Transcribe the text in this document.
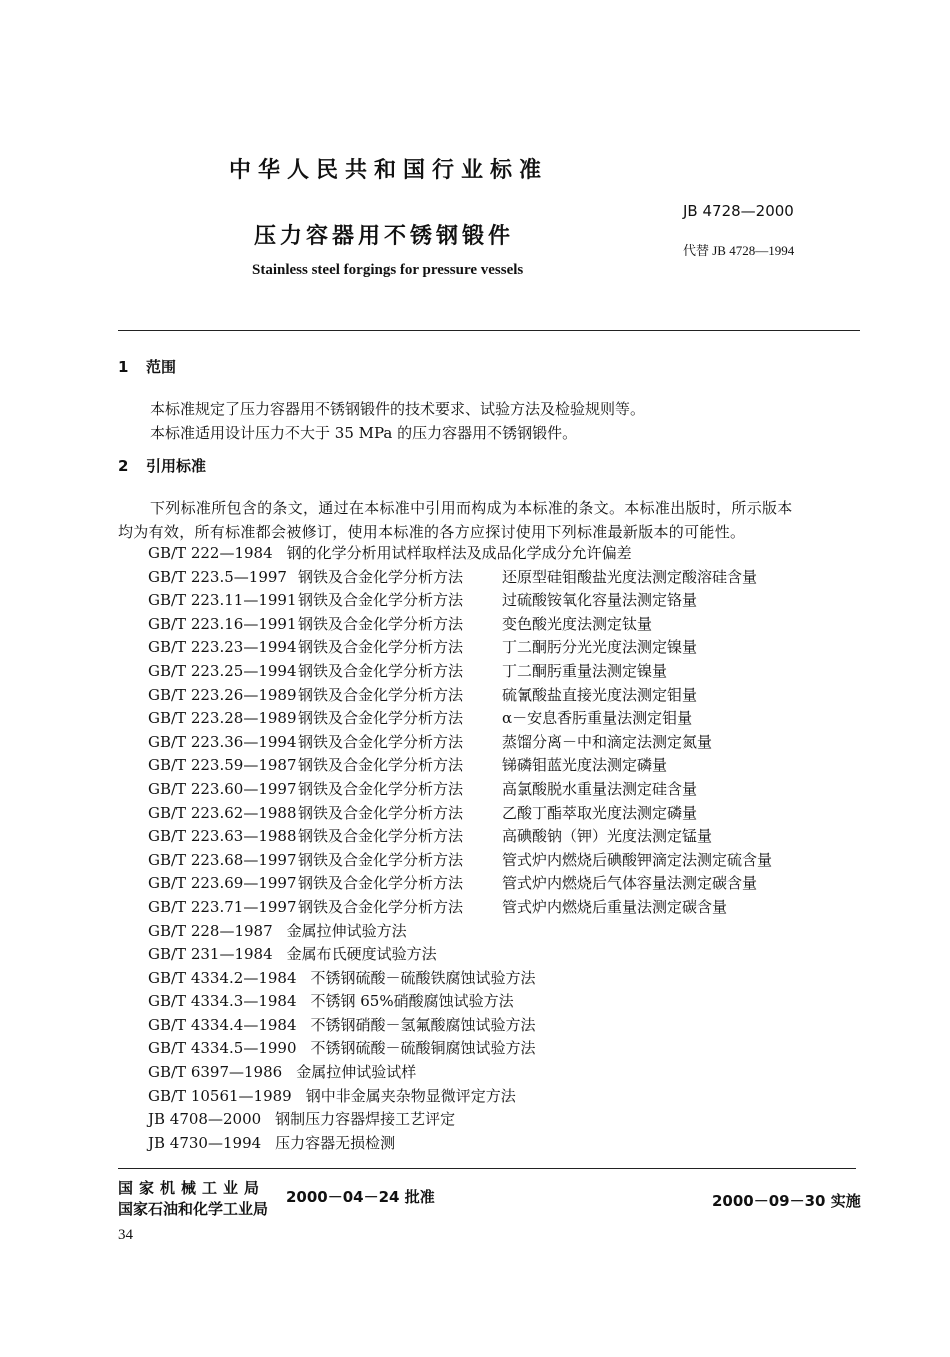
中华人民共和国行业标准
压力容器用不锈钢锻件
Stainless steel forgings for pressure vessels
JB 4728—2000
代替 JB 4728—1994
1 范围
本标准规定了压力容器用不锈钢锻件的技术要求、试验方法及检验规则等。
本标准适用设计压力不大于 35 MPa 的压力容器用不锈钢锻件。
2 引用标准
下列标准所包含的条文，通过在本标准中引用而构成为本标准的条文。本标准出版时，所示版本
均为有效，所有标准都会被修订，使用本标准的各方应探讨使用下列标准最新版本的可能性。
GB/T 222—1984 钢的化学分析用试样取样法及成品化学成分允许偏差
GB/T 223.5—1997 钢铁及合金化学分析方法	还原型硅钼酸盐光度法测定酸溶硅含量
GB/T 223.11—1991 钢铁及合金化学分析方法	过硫酸铵氧化容量法测定铬量
GB/T 223.16—1991 钢铁及合金化学分析方法	变色酸光度法测定钛量
GB/T 223.23—1994 钢铁及合金化学分析方法	丁二酮肟分光光度法测定镍量
GB/T 223.25—1994 钢铁及合金化学分析方法	丁二酮肟重量法测定镍量
GB/T 223.26—1989 钢铁及合金化学分析方法	硫氰酸盐直接光度法测定钼量
GB/T 223.28—1989 钢铁及合金化学分析方法	α－安息香肟重量法测定钼量
GB/T 223.36—1994 钢铁及合金化学分析方法	蒸馏分离－中和滴定法测定氮量
GB/T 223.59—1987 钢铁及合金化学分析方法	锑磷钼蓝光度法测定磷量
GB/T 223.60—1997 钢铁及合金化学分析方法	高氯酸脱水重量法测定硅含量
GB/T 223.62—1988 钢铁及合金化学分析方法	乙酸丁酯萃取光度法测定磷量
GB/T 223.63—1988 钢铁及合金化学分析方法	高碘酸钠（钾）光度法测定锰量
GB/T 223.68—1997 钢铁及合金化学分析方法	管式炉内燃烧后碘酸钾滴定法测定硫含量
GB/T 223.69—1997 钢铁及合金化学分析方法	管式炉内燃烧后气体容量法测定碳含量
GB/T 223.71—1997 钢铁及合金化学分析方法	管式炉内燃烧后重量法测定碳含量
GB/T 228—1987 金属拉伸试验方法
GB/T 231—1984 金属布氏硬度试验方法
GB/T 4334.2—1984 不锈钢硫酸－硫酸铁腐蚀试验方法
GB/T 4334.3—1984 不锈钢 65%硝酸腐蚀试验方法
GB/T 4334.4—1984 不锈钢硝酸－氢氟酸腐蚀试验方法
GB/T 4334.5—1990 不锈钢硫酸－硫酸铜腐蚀试验方法
GB/T 6397—1986 金属拉伸试验试样
GB/T 10561—1989 钢中非金属夹杂物显微评定方法
JB 4708—2000 钢制压力容器焊接工艺评定
JB 4730—1994 压力容器无损检测
国家机械工业局
国家石油和化学工业局
2000－04－24 批准	2000－09－30 实施
34
